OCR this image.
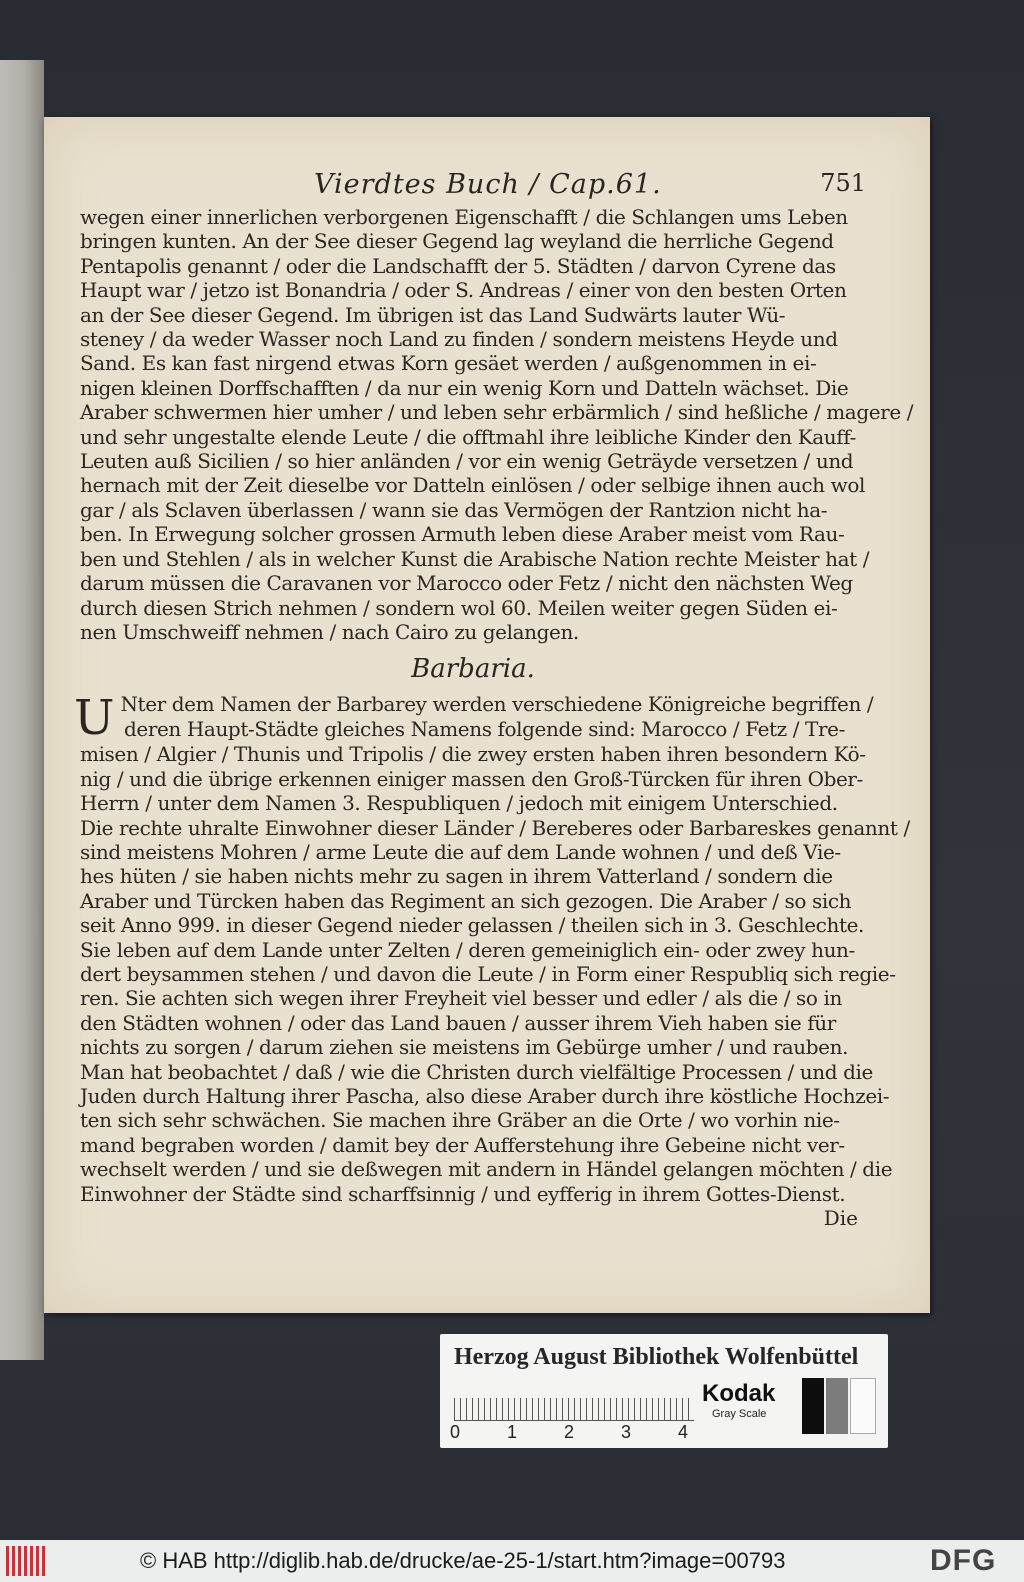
Vierdtes Buch / Cap.61.	751
wegen einer innerlichen verborgenen Eigenschafft / die Schlangen ums Leben
bringen kunten. An der See dieser Gegend lag weyland die herrliche Gegend
Pentapolis genannt / oder die Landschafft der 5. Städten / darvon Cyrene das
Haupt war / jetzo ist Bonandria / oder S. Andreas / einer von den besten Orten
an der See dieser Gegend. Im übrigen ist das Land Sudwärts lauter Wü-
steney / da weder Wasser noch Land zu finden / sondern meistens Heyde und
Sand. Es kan fast nirgend etwas Korn gesäet werden / außgenommen in ei-
nigen kleinen Dorffschafften / da nur ein wenig Korn und Datteln wächset. Die
Araber schwermen hier umher / und leben sehr erbärmlich / sind heßliche / magere /
und sehr ungestalte elende Leute / die offtmahl ihre leibliche Kinder den Kauff-
Leuten auß Sicilien / so hier anländen / vor ein wenig Geträyde versetzen / und
hernach mit der Zeit dieselbe vor Datteln einlösen / oder selbige ihnen auch wol
gar / als Sclaven überlassen / wann sie das Vermögen der Rantzion nicht ha-
ben. In Erwegung solcher grossen Armuth leben diese Araber meist vom Rau-
ben und Stehlen / als in welcher Kunst die Arabische Nation rechte Meister hat /
darum müssen die Caravanen vor Marocco oder Fetz / nicht den nächsten Weg
durch diesen Strich nehmen / sondern wol 60. Meilen weiter gegen Süden ei-
nen Umschweiff nehmen / nach Cairo zu gelangen.
Barbaria.
U Nter dem Namen der Barbarey werden verschiedene Königreiche begriffen /
deren Haupt-Städte gleiches Namens folgende sind: Marocco / Fetz / Tre-
misen / Algier / Thunis und Tripolis / die zwey ersten haben ihren besondern Kö-
nig / und die übrige erkennen einiger massen den Groß-Türcken für ihren Ober-
Herrn / unter dem Namen 3. Respubliquen / jedoch mit einigem Unterschied.
Die rechte uhralte Einwohner dieser Länder / Bereberes oder Barbareskes genannt /
sind meistens Mohren / arme Leute die auf dem Lande wohnen / und deß Vie-
hes hüten / sie haben nichts mehr zu sagen in ihrem Vatterland / sondern die
Araber und Türcken haben das Regiment an sich gezogen. Die Araber / so sich
seit Anno 999. in dieser Gegend nieder gelassen / theilen sich in 3. Geschlechte.
Sie leben auf dem Lande unter Zelten / deren gemeiniglich ein- oder zwey hun-
dert beysammen stehen / und davon die Leute / in Form einer Respubliq sich regie-
ren. Sie achten sich wegen ihrer Freyheit viel besser und edler / als die / so in
den Städten wohnen / oder das Land bauen / ausser ihrem Vieh haben sie für
nichts zu sorgen / darum ziehen sie meistens im Gebürge umher / und rauben.
Man hat beobachtet / daß / wie die Christen durch vielfältige Processen / und die
Juden durch Haltung ihrer Pascha, also diese Araber durch ihre köstliche Hochzei-
ten sich sehr schwächen. Sie machen ihre Gräber an die Orte / wo vorhin nie-
mand begraben worden / damit bey der Aufferstehung ihre Gebeine nicht ver-
wechselt werden / und sie deßwegen mit andern in Händel gelangen möchten / die
Einwohner der Städte sind scharffsinnig / und eyfferig in ihrem Gottes-Dienst.
Die
Herzog August Bibliothek Wolfenbüttel
0	1	2	3	4
Kodak
Gray Scale
© HAB http://diglib.hab.de/drucke/ae-25-1/start.htm?image=00793	DFG
